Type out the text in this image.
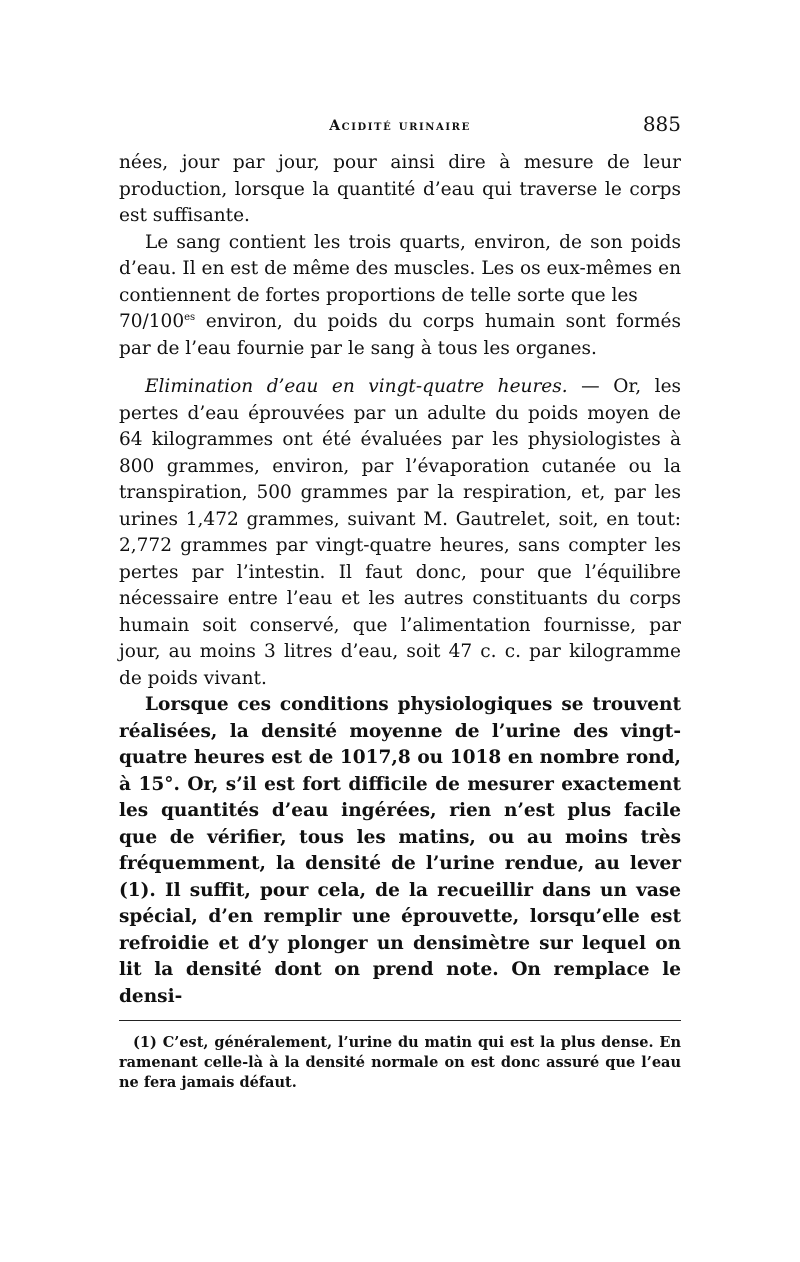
Acidité urinaire	885

nées, jour par jour, pour ainsi dire à mesure de leur production, lorsque la quantité d’eau qui traverse le corps est suffisante.

Le sang contient les trois quarts, environ, de son poids d’eau. Il en est de même des muscles. Les os eux-mêmes en contiennent de fortes proportions de telle sorte que les
$70/100^{es}$ environ, du poids du corps humain sont formés par de l’eau fournie par le sang à tous les organes.

Elimination d’eau en vingt-quatre heures. — Or, les pertes d’eau éprouvées par un adulte du poids moyen de 64 kilogrammes ont été évaluées par les physiologistes à 800 grammes, environ, par l’évaporation cutanée ou la transpiration, 500 grammes par la respiration, et, par les urines 1,472 grammes, suivant M. Gautrelet, soit, en tout: 2,772 grammes par vingt-quatre heures, sans compter les pertes par l’intestin. Il faut donc, pour que l’équilibre nécessaire entre l’eau et les autres constituants du corps humain soit conservé, que l’alimentation fournisse, par jour, au moins 3 litres d’eau, soit 47 c. c. par kilogramme de poids vivant.

Lorsque ces conditions physiologiques se trouvent réalisées, la densité moyenne de l’urine des vingt-quatre heures est de 1017,8 ou 1018 en nombre rond, à 15°. Or, s’il est fort difficile de mesurer exactement les quantités d’eau ingérées, rien n’est plus facile que de vérifier, tous les matins, ou au moins très fréquemment, la densité de l’urine rendue, au lever (1). Il suffit, pour cela, de la recueillir dans un vase spécial, d’en remplir une éprouvette, lorsqu’elle est refroidie et d’y plonger un densimètre sur lequel on lit la densité dont on prend note. On remplace le densi-

(1) C’est, généralement, l’urine du matin qui est la plus dense. En ramenant celle-là à la densité normale on est donc assuré que l’eau ne fera jamais défaut.
